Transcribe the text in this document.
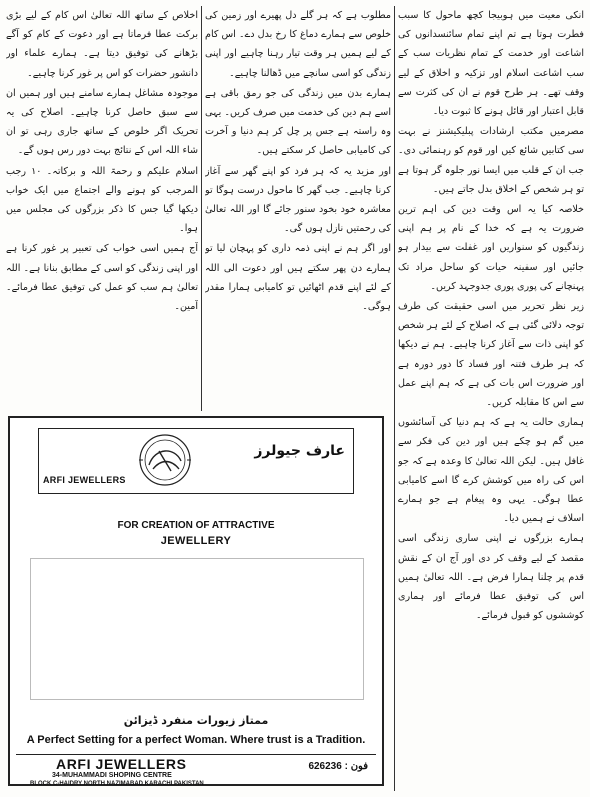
انکی معیت میں ہوبیجا کچھ ماحول کا سبب فطرت ہوتا ہے تم اپنے تمام سائنسدانوں کی اشاعت اور خدمت کے تمام نظریات سب کے سب اشاعت اسلام اور تزکیہ و اخلاق کے لیے وقف تھے۔ ہر طرح قوم نے ان کی کثرت سے قابل اعتبار اور قائل ہونے کا ثبوت دیا۔

مصرمیں مکتب ارشادات پبلیکیشنز نے بہت سی کتابیں شائع کیں اور قوم کو رہنمائی دی۔ جب ان کے قلب میں ایسا نور جلوہ گر ہوتا ہے تو ہر شخص کے اخلاق بدل جاتے ہیں۔

خلاصہ کیا یہ اس وقت دین کی اہم ترین ضرورت یہ ہے کہ خدا کے نام پر ہم اپنی زندگیوں کو سنواریں اور غفلت سے بیدار ہو جائیں اور سفینہ حیات کو ساحل مراد تک پہنچانے کی پوری پوری جدوجہد کریں۔

زیر نظر تحریر میں اسی حقیقت کی طرف توجہ دلائی گئی ہے کہ اصلاح کے لئے ہر شخص کو اپنی ذات سے آغاز کرنا چاہیے۔ ہم نے دیکھا کہ ہر طرف فتنہ اور فساد کا دور دورہ ہے اور ضرورت اس بات کی ہے کہ ہم اپنے عمل سے اس کا مقابلہ کریں۔

ہماری حالت یہ ہے کہ ہم دنیا کی آسائشوں میں گم ہو چکے ہیں اور دین کی فکر سے غافل ہیں۔ لیکن اللہ تعالیٰ کا وعدہ ہے کہ جو اس کی راہ میں کوشش کرے گا اسے کامیابی عطا ہوگی۔ یہی وہ پیغام ہے جو ہمارے اسلاف نے ہمیں دیا۔

ہمارے بزرگوں نے اپنی ساری زندگی اسی مقصد کے لیے وقف کر دی اور آج ان کے نقش قدم پر چلنا ہمارا فرض ہے۔ اللہ تعالیٰ ہمیں اس کی توفیق عطا فرمائے اور ہماری کوششوں کو قبول فرمائے۔

مطلوب ہے کہ ہر گلے دل پھیرے اور زمین کی خلوص سے ہمارے دماغ کا رخ بدل دے۔ اس کام کے لیے ہمیں ہر وقت تیار رہنا چاہیے اور اپنی زندگی کو اسی سانچے میں ڈھالنا چاہیے۔

ہمارے بدن میں زندگی کی جو رمق باقی ہے اسے ہم دین کی خدمت میں صرف کریں۔ یہی وہ راستہ ہے جس پر چل کر ہم دنیا و آخرت کی کامیابی حاصل کر سکتے ہیں۔

اور مزید یہ کہ ہر فرد کو اپنے گھر سے آغاز کرنا چاہیے۔ جب گھر کا ماحول درست ہوگا تو معاشرہ خود بخود سنور جائے گا اور اللہ تعالیٰ کی رحمتیں نازل ہوں گی۔

اور اگر ہم نے اپنی ذمہ داری کو پہچان لیا تو ہمارے دن پھر سکتے ہیں اور دعوت الی اللہ کے لئے اپنے قدم اٹھائیں تو کامیابی ہمارا مقدر ہوگی۔

اخلاص کے ساتھ اللہ تعالیٰ اس کام کے لیے بڑی برکت عطا فرماتا ہے اور دعوت کے کام کو آگے بڑھانے کی توفیق دیتا ہے۔ ہمارے علماء اور دانشور حضرات کو اس پر غور کرنا چاہیے۔

موجودہ مشاغل ہمارے سامنے ہیں اور ہمیں ان سے سبق حاصل کرنا چاہیے۔ اصلاح کی یہ تحریک اگر خلوص کے ساتھ جاری رہی تو ان شاء اللہ اس کے نتائج بہت دور رس ہوں گے۔

اسلام علیکم و رحمۃ اللہ و برکاتہ۔ ۱۰ رجب المرجب کو ہونے والے اجتماع میں ایک خواب دیکھا گیا جس کا ذکر بزرگوں کی مجلس میں ہوا۔

آج ہمیں اسی خواب کی تعبیر پر غور کرنا ہے اور اپنی زندگی کو اسی کے مطابق بنانا ہے۔ اللہ تعالیٰ ہم سب کو عمل کی توفیق عطا فرمائے۔ آمین۔

ARFI JEWELLERS
عارف جیولرز
FOR CREATION OF ATTRACTIVE
JEWELLERY
ممتاز زیورات منفرد ڈیزائن
A Perfect Setting for a perfect Woman. Where trust is a Tradition.
ARFI JEWELLERS
34-MUHAMMADI SHOPING CENTRE
BLOCK C-HAIDRY NORTH NAZIMABAD KARACHI PAKISTAN
فون : 626236
